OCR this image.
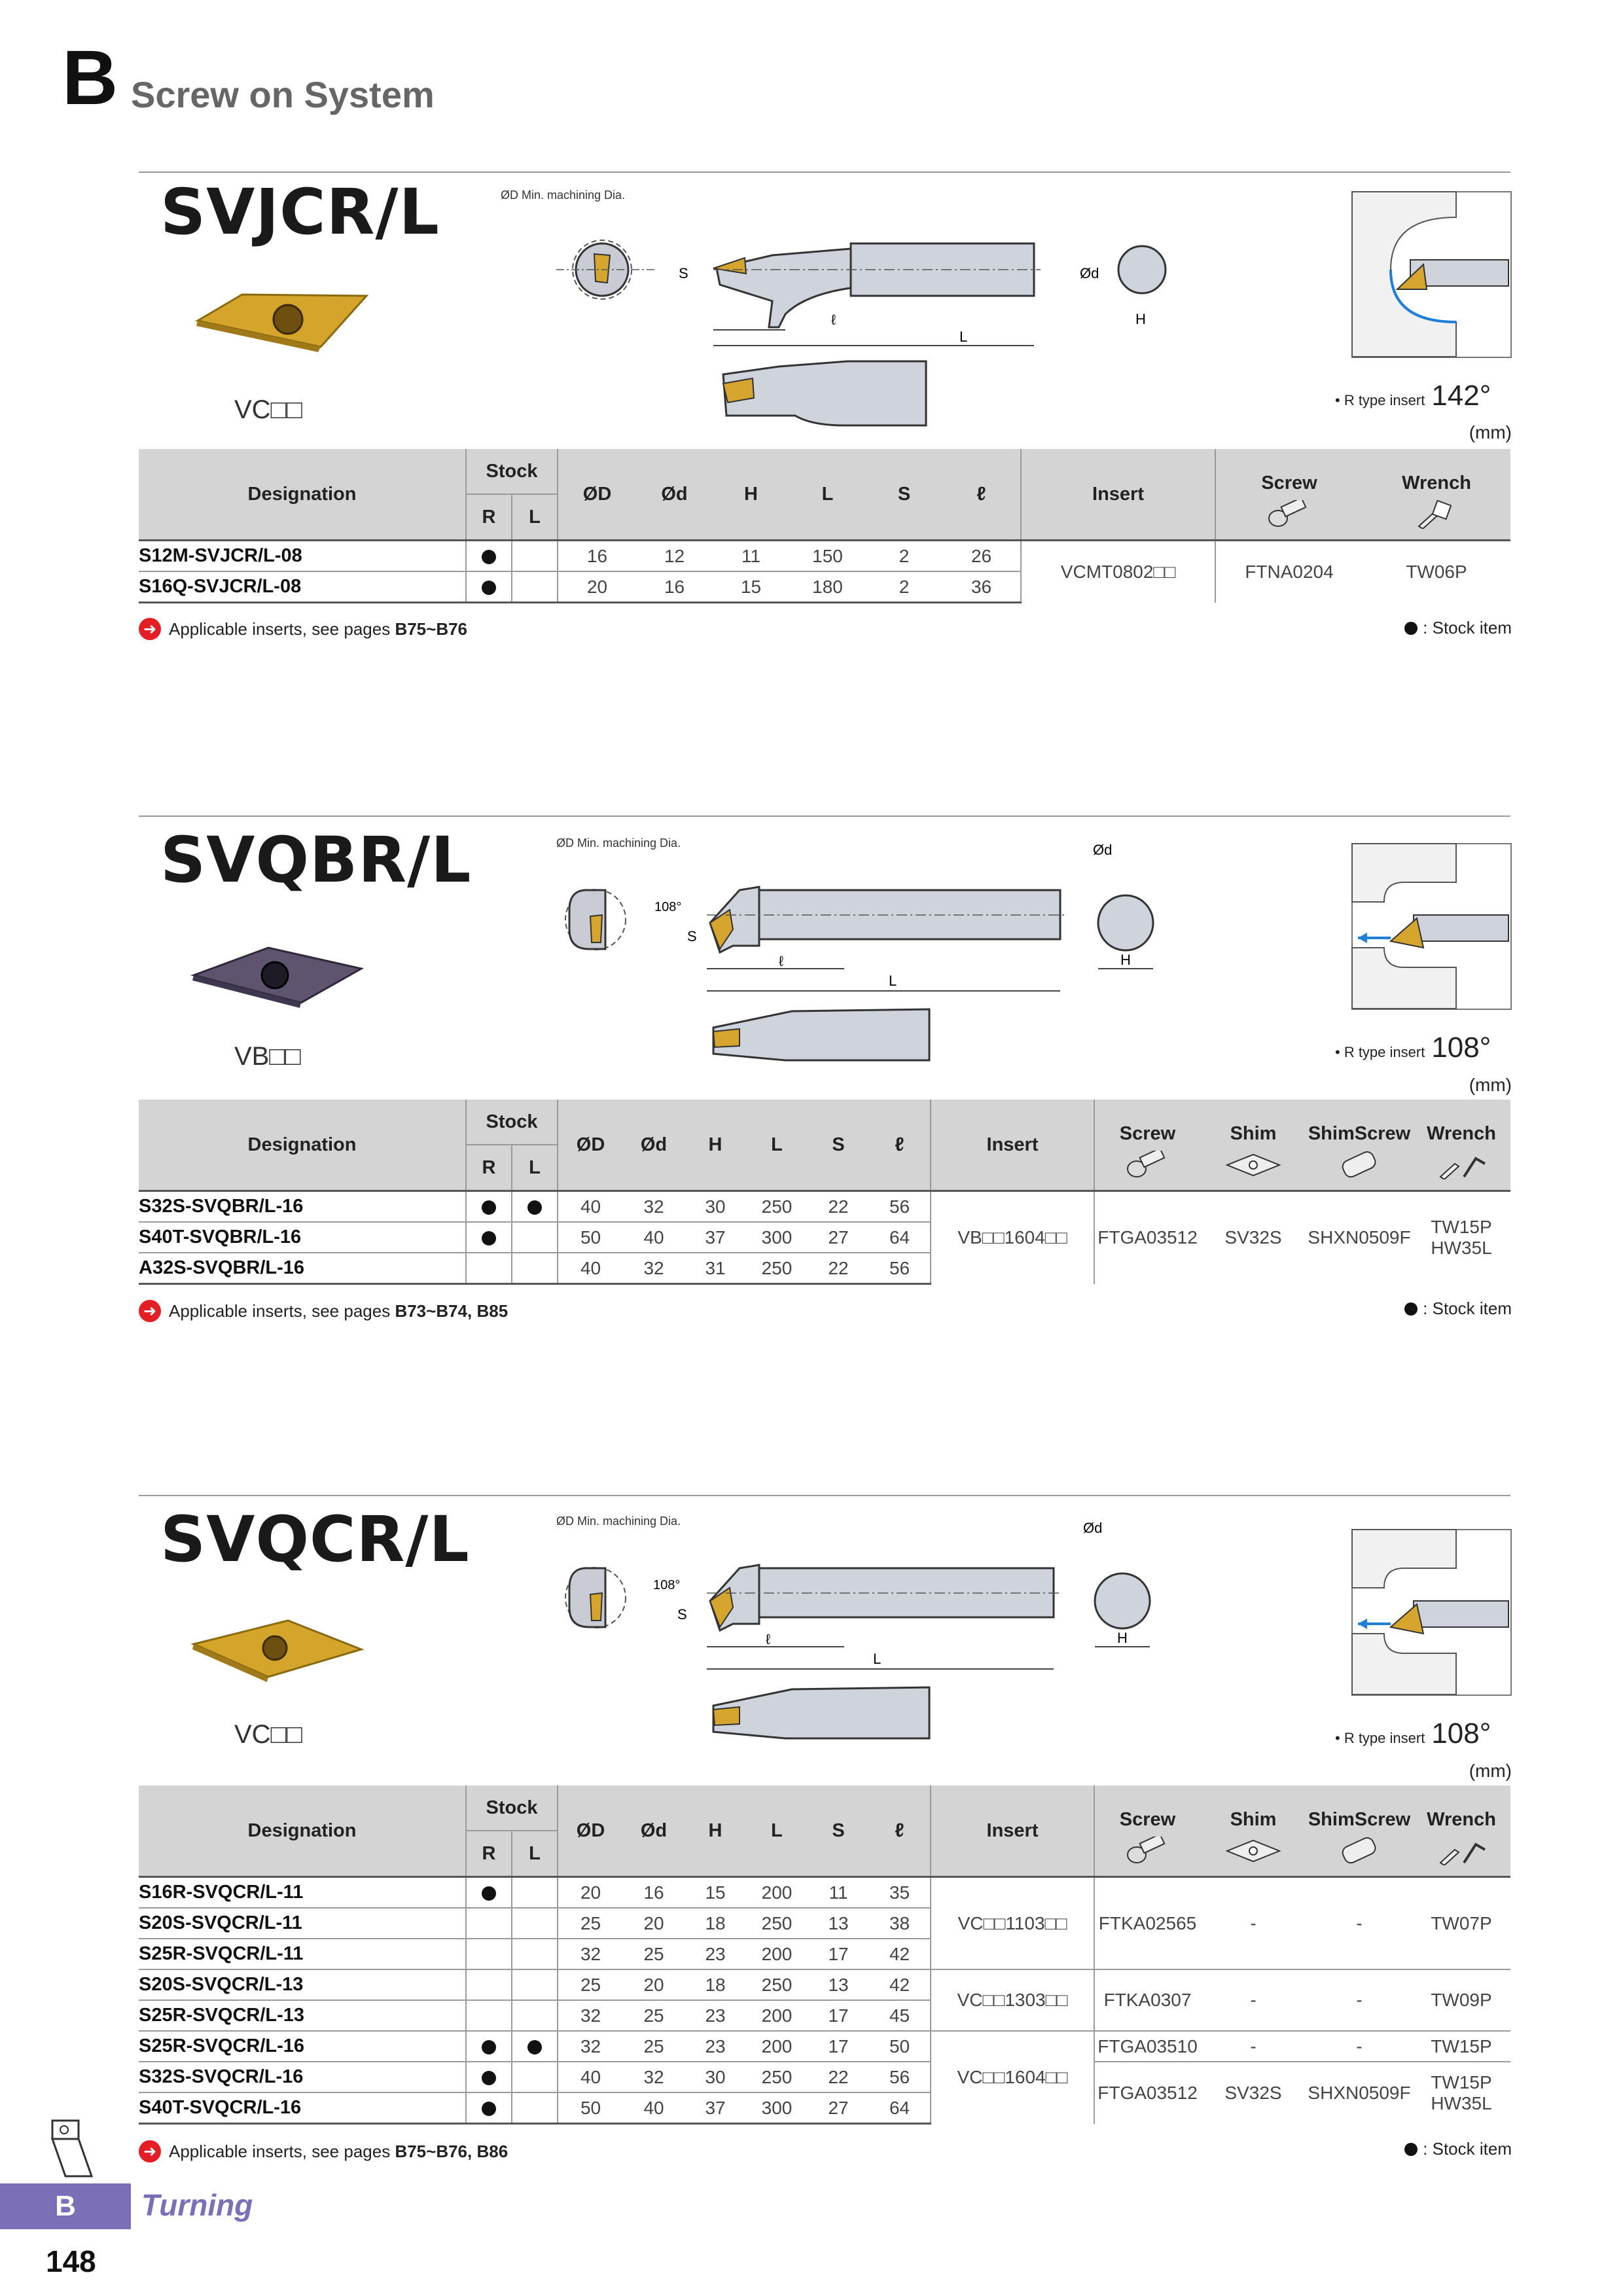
B Screw on System
SVJCR/L
VC□□
ØD Min. machining Dia.
ℓ
L
S	Ød
H
• R type insert 142°
(mm)
Designation	Stock		ØD	Ød	H	L	S	ℓ	Insert	Screw	Wrench
	R	L		
S12M-SVJCR/L-08			16	12	11	150	2	26	VCMT0802□□	FTNA0204	TW06P
S16Q-SVJCR/L-08			20	16	15	180	2	36			
➜ Applicable inserts, see pages
B75~B76	: Stock item
SVQBR/L
VB□□
ØD Min. machining Dia.
108°
S
ℓ
L
Ød
H
• R type insert 108°
(mm)
Designation	Stock		ØD	Ød	H	L	S	ℓ	Insert	Screw	Shim	ShimScrew	Wrench
	R	L				
S32S-SVQBR/L-16			40	32	30	250	22	56	VB□□1604□□	FTGA03512	SV32S	SHXN0509F	TW15P
HW35L
S40T-SVQBR/L-16			50	40	37	300	27	64					
A32S-SVQBR/L-16			40	32	31	250	22	56					
➜ Applicable inserts, see pages
B73~B74, B85	: Stock item
SVQCR/L
VC□□
ØD Min. machining Dia.
108°
S
ℓ
L
Ød
H
• R type insert 108°
(mm)
Designation	Stock		ØD	Ød	H	L	S	ℓ	Insert	Screw	Shim	ShimScrew	Wrench
	R	L				
S16R-SVQCR/L-11			20	16	15	200	11	35	VC□□1103□□	FTKA02565	-	-	TW07P
S20S-SVQCR/L-11			25	20	18	250	13	38					
S25R-SVQCR/L-11			32	25	23	200	17	42					
S20S-SVQCR/L-13			25	20	18	250	13	42	VC□□1303□□	FTKA0307	-	-	TW09P
S25R-SVQCR/L-13			32	25	23	200	17	45					
S25R-SVQCR/L-16			32	25	23	200	17	50	VC□□1604□□	FTGA03510	-	-	TW15P
S32S-SVQCR/L-16			40	32	30	250	22	56		FTGA03512	SV32S	SHXN0509F	TW15P
HW35L
S40T-SVQCR/L-16			50	40	37	300	27	64					
➜ Applicable inserts, see pages
B75~B76, B86	: Stock item
B	Turning
148
